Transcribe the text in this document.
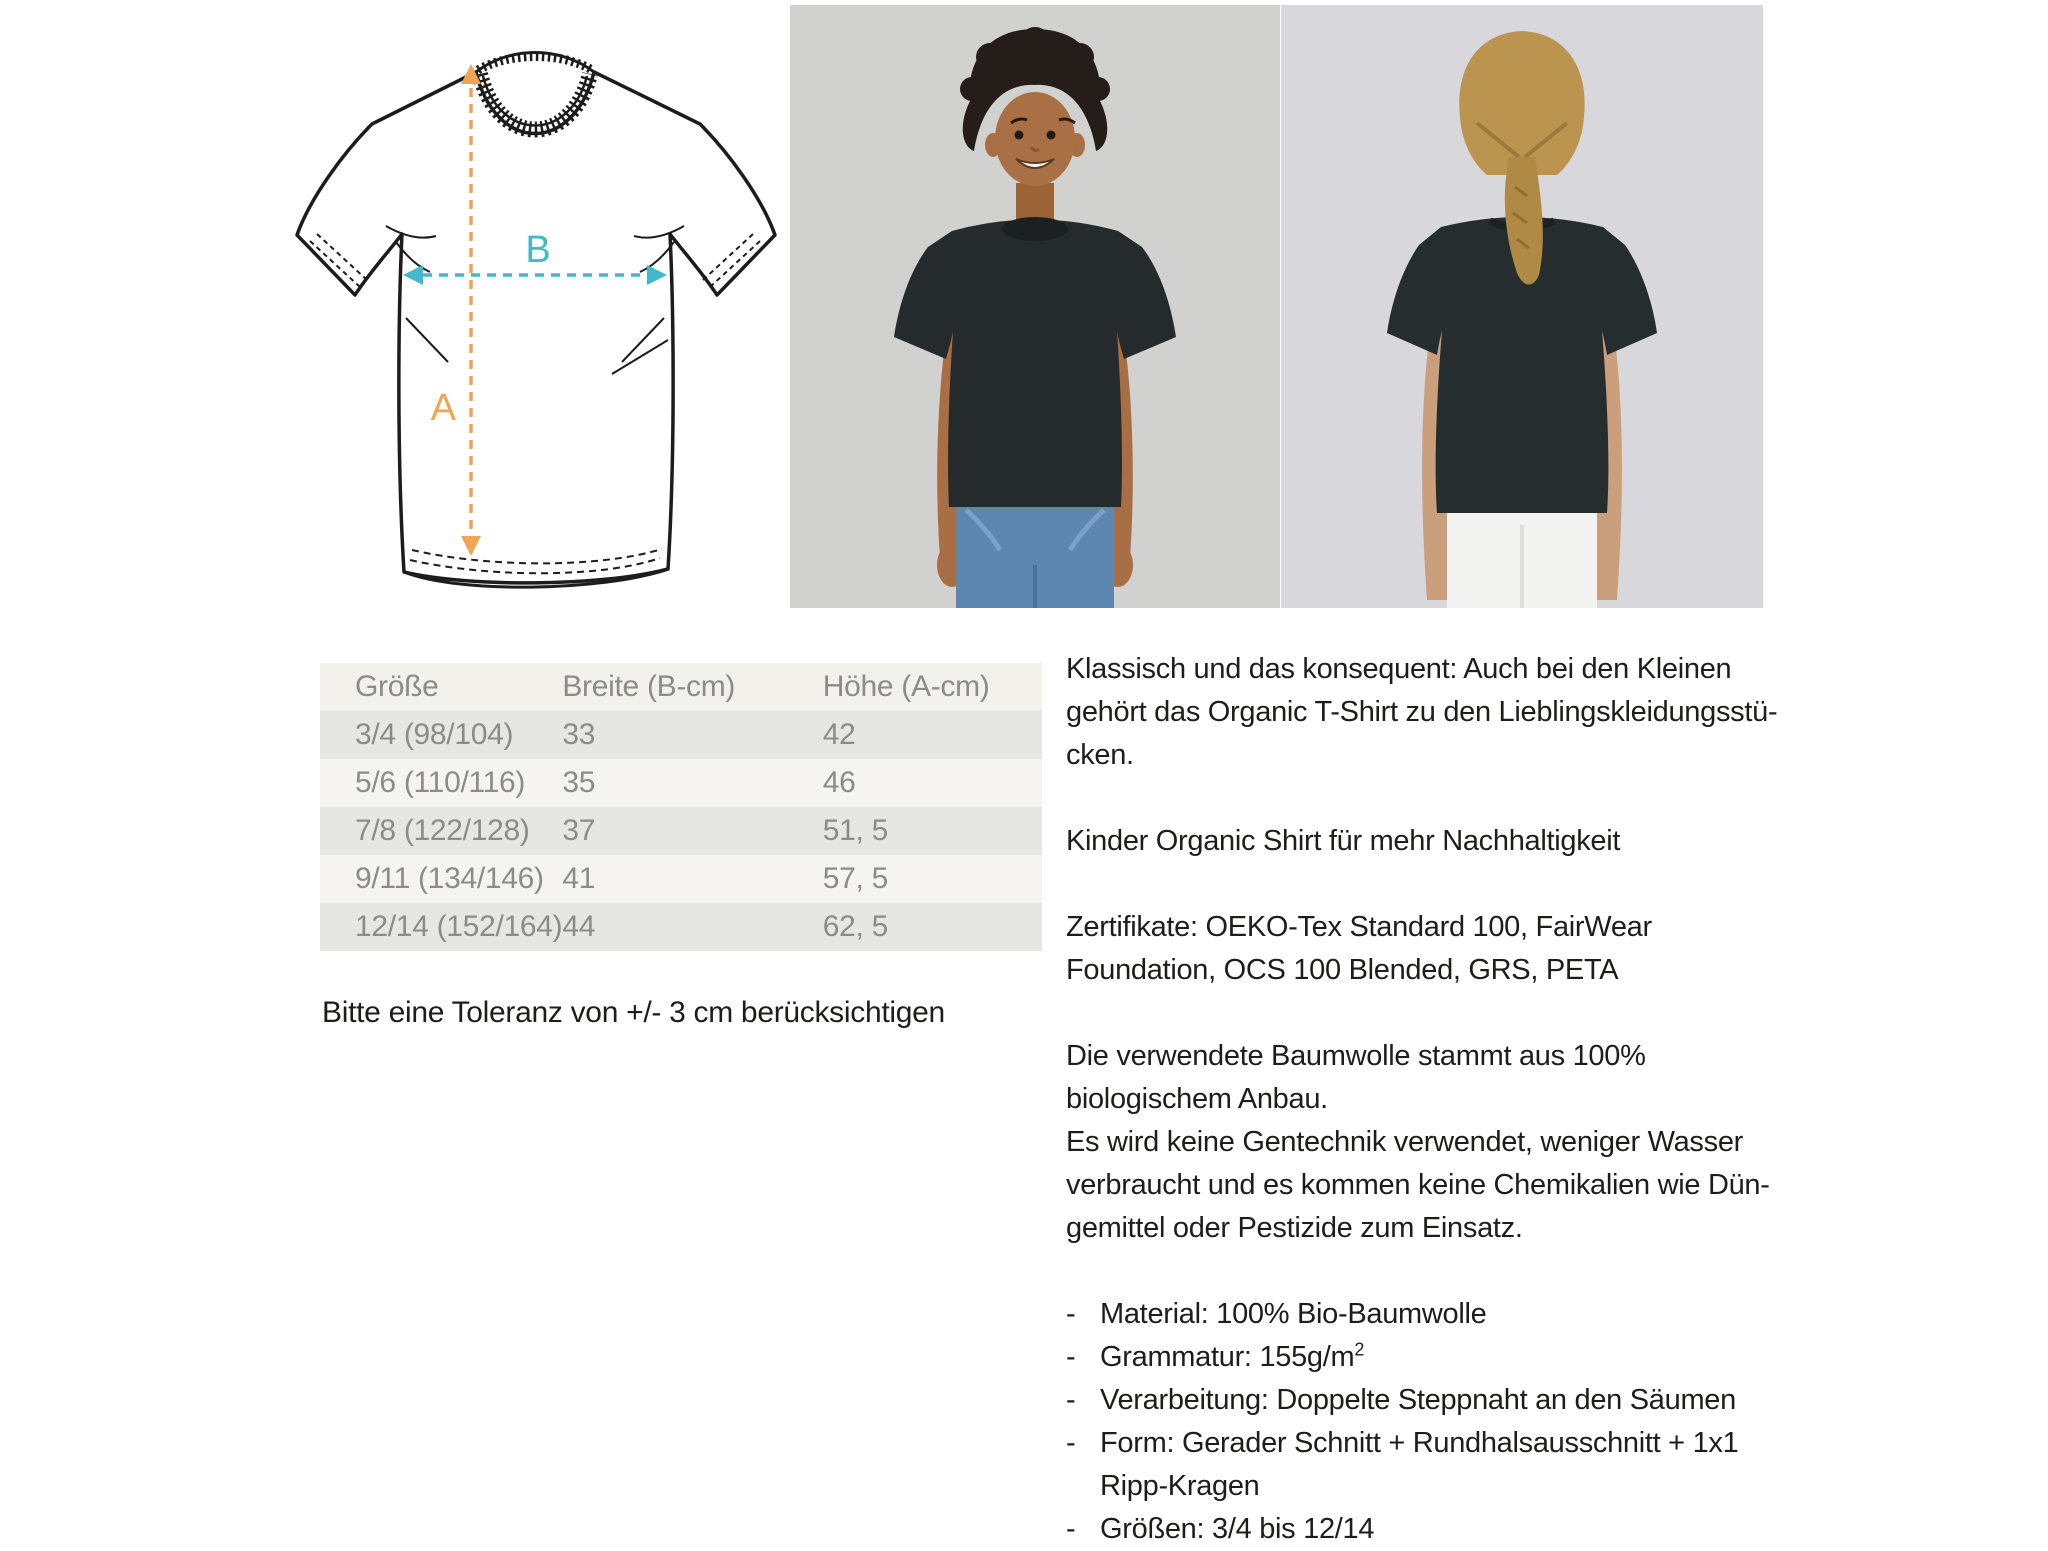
B
A
Größe	Breite (B-cm)	Höhe (A-cm)
3/4 (98/104)	33	42
5/6 (110/116)	35	46
7/8 (122/128)	37	51, 5
9/11 (134/146)	41	57, 5
12/14 (152/164)	44	62, 5
Bitte eine Toleranz von +/- 3 cm berücksichtigen

Klassisch und das konsequent: Auch bei den Kleinen
gehört das Organic T-Shirt zu den Lieblingskleidungsstü-
cken.

Kinder Organic Shirt für mehr Nachhaltigkeit

Zertifikate: OEKO-Tex Standard 100, FairWear
Foundation, OCS 100 Blended, GRS, PETA

Die verwendete Baumwolle stammt aus 100%
biologischem Anbau.
Es wird keine Gentechnik verwendet, weniger Wasser
verbraucht und es kommen keine Chemikalien wie Dün-
gemittel oder Pestizide zum Einsatz.

- Material: 100% Bio-Baumwolle
- Grammatur: $155g/m^2$
- Verarbeitung: Doppelte Steppnaht an den Säumen
- Form: Gerader Schnitt + Rundhalsausschnitt + 1x1
Ripp-Kragen
- Größen: 3/4 bis 12/14
